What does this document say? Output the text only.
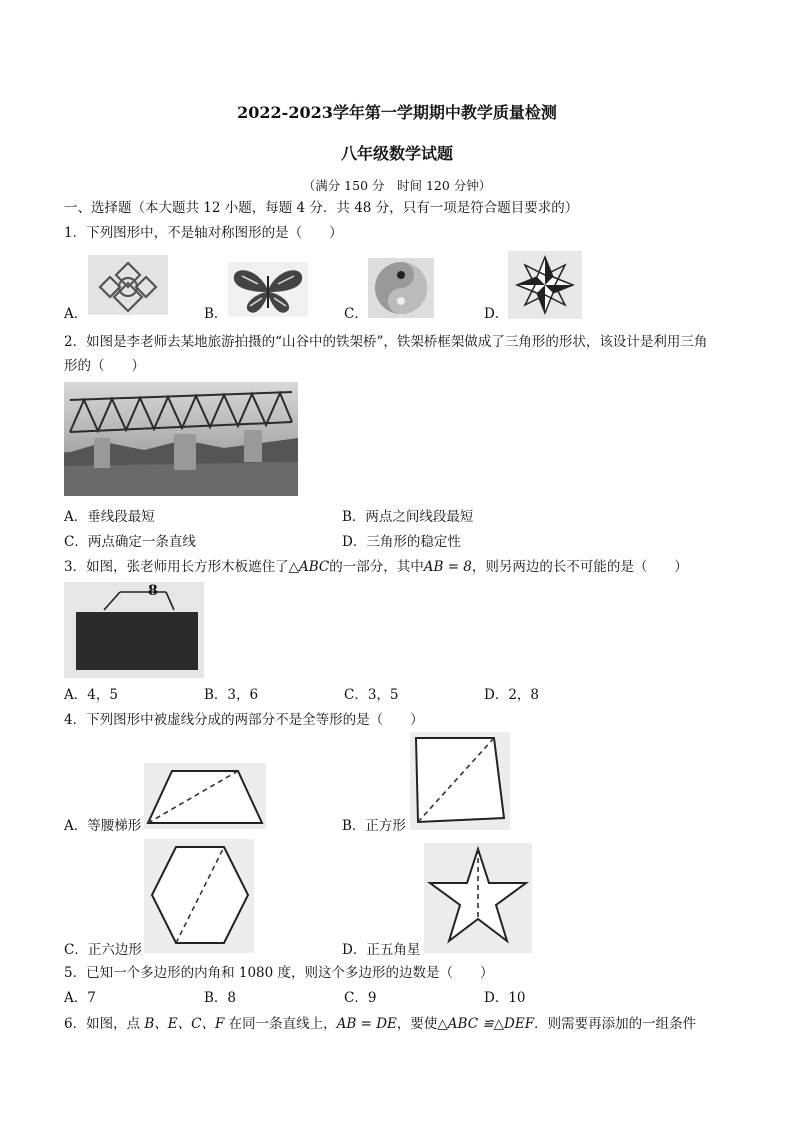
2022-2023学年第一学期期中教学质量检测
八年级数学试题
（满分 150 分　时间 120 分钟）
一、选择题（本大题共 12 小题，每题 4 分．共 48 分，只有一项是符合题目要求的）
1．下列图形中，不是轴对称图形的是（　　）
A．	B．	C．	D．
2．如图是李老师去某地旅游拍摄的“山谷中的铁架桥”，铁架桥框架做成了三角形的形状，该设计是利用三角
形的（　　）
A．垂线段最短	B．两点之间线段最短
C．两点确定一条直线	D．三角形的稳定性
3．如图，张老师用长方形木板遮住了△ABC的一部分，其中AB = 8，则另两边的长不可能的是（　　）
8
A．4，5	B．3，6	C．3，5	D．2，8
4．下列图形中被虚线分成的两部分不是全等形的是（　　）
A．等腰梯形	B．正方形
C．正六边形	D．正五角星
5．已知一个多边形的内角和 1080 度，则这个多边形的边数是（　　）
A．7	B．8	C．9	D．10
6．如图，点 B、E、C、F 在同一条直线上，AB = DE，要使△ABC ≌△DEF．则需要再添加的一组条件
